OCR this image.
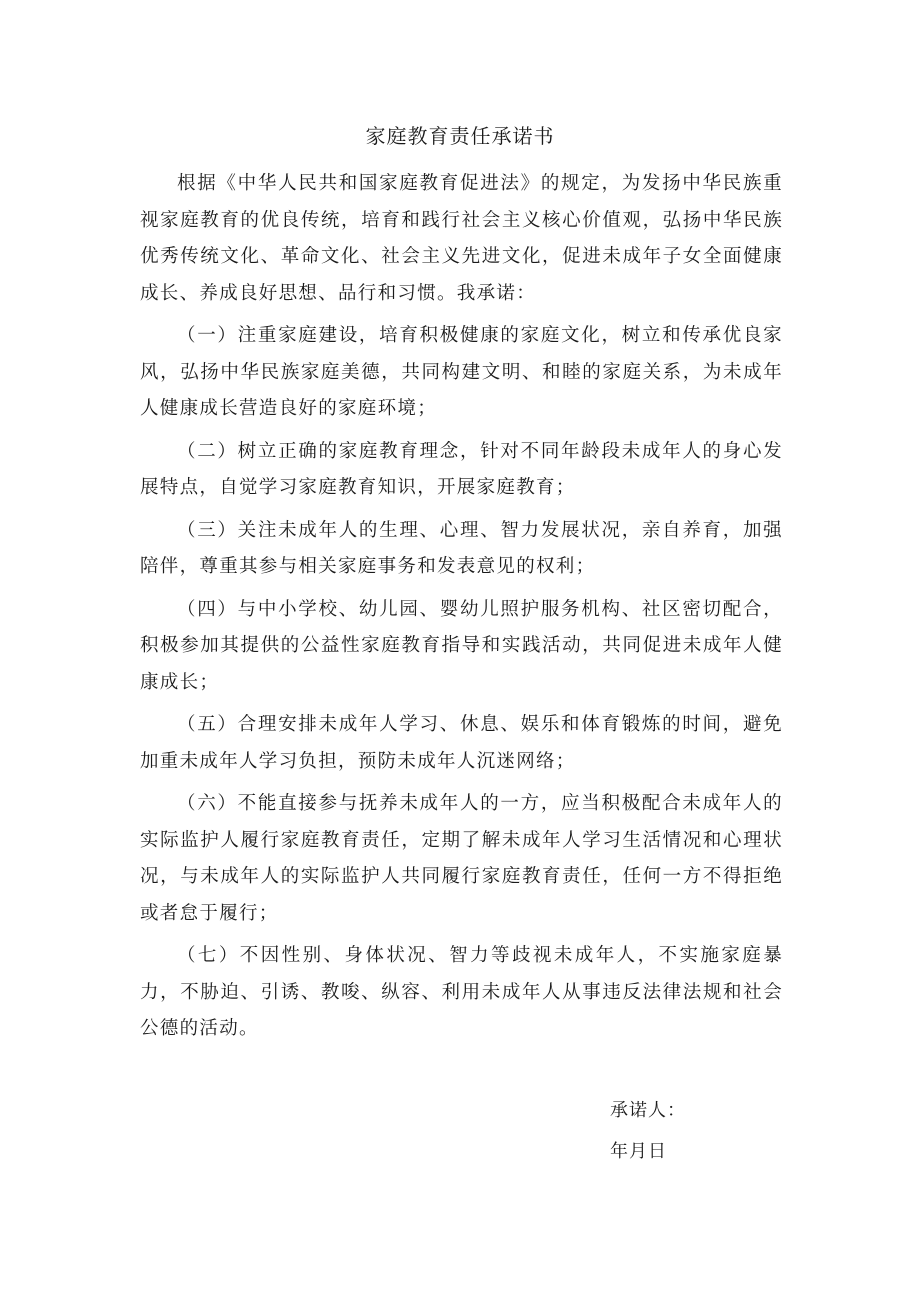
家庭教育责任承诺书

根据《中华人民共和国家庭教育促进法》的规定，为发扬中华民族重视家庭教育的优良传统，培育和践行社会主义核心价值观，弘扬中华民族优秀传统文化、革命文化、社会主义先进文化，促进未成年子女全面健康成长、养成良好思想、品行和习惯。我承诺：

（一）注重家庭建设，培育积极健康的家庭文化，树立和传承优良家风，弘扬中华民族家庭美德，共同构建文明、和睦的家庭关系，为未成年人健康成长营造良好的家庭环境；

（二）树立正确的家庭教育理念，针对不同年龄段未成年人的身心发展特点，自觉学习家庭教育知识，开展家庭教育；

（三）关注未成年人的生理、心理、智力发展状况，亲自养育，加强陪伴，尊重其参与相关家庭事务和发表意见的权利；

（四）与中小学校、幼儿园、婴幼儿照护服务机构、社区密切配合，积极参加其提供的公益性家庭教育指导和实践活动，共同促进未成年人健康成长；

（五）合理安排未成年人学习、休息、娱乐和体育锻炼的时间，避免加重未成年人学习负担，预防未成年人沉迷网络；

（六）不能直接参与抚养未成年人的一方，应当积极配合未成年人的实际监护人履行家庭教育责任，定期了解未成年人学习生活情况和心理状况，与未成年人的实际监护人共同履行家庭教育责任，任何一方不得拒绝或者怠于履行；

（七）不因性别、身体状况、智力等歧视未成年人，不实施家庭暴力，不胁迫、引诱、教唆、纵容、利用未成年人从事违反法律法规和社会公德的活动。

承诺人：
年月日
